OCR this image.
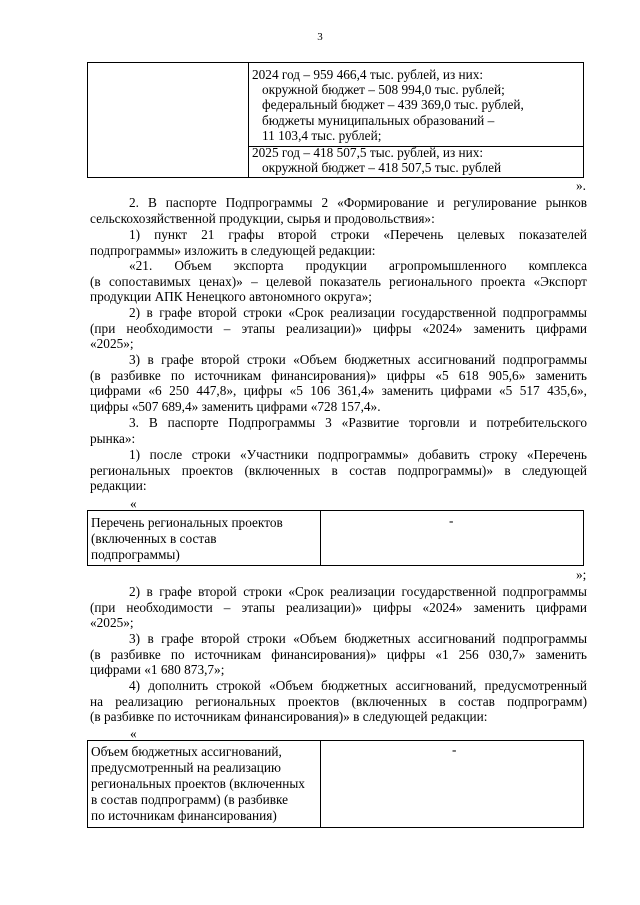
3
2024 год – 959 466,4 тыс. рублей, из них:
окружной бюджет – 508 994,0 тыс. рублей;
федеральный бюджет – 439 369,0 тыс. рублей,
бюджеты муниципальных образований –
11 103,4 тыс. рублей;
2025 год – 418 507,5 тыс. рублей, из них:
окружной бюджет – 418 507,5 тыс. рублей
».
2. В паспорте Подпрограммы 2 «Формирование и регулирование рынков
сельскохозяйственной продукции, сырья и продовольствия»:
1) пункт 21 графы второй строки «Перечень целевых показателей
подпрограммы» изложить в следующей редакции:
«21. Объем экспорта продукции агропромышленного комплекса
(в сопоставимых ценах)» – целевой показатель регионального проекта «Экспорт
продукции АПК Ненецкого автономного округа»;
2) в графе второй строки «Срок реализации государственной подпрограммы
(при необходимости – этапы реализации)» цифры «2024» заменить цифрами
«2025»;
3) в графе второй строки «Объем бюджетных ассигнований подпрограммы
(в разбивке по источникам финансирования)» цифры «5 618 905,6» заменить
цифрами «6 250 447,8», цифры «5 106 361,4» заменить цифрами «5 517 435,6»,
цифры «507 689,4» заменить цифрами «728 157,4».
3. В паспорте Подпрограммы 3 «Развитие торговли и потребительского
рынка»:
1) после строки «Участники подпрограммы» добавить строку «Перечень
региональных проектов (включенных в состав подпрограммы)» в следующей
редакции:
«
Перечень региональных проектов
(включенных в состав
подпрограммы)
-
»;
2) в графе второй строки «Срок реализации государственной подпрограммы
(при необходимости – этапы реализации)» цифры «2024» заменить цифрами
«2025»;
3) в графе второй строки «Объем бюджетных ассигнований подпрограммы
(в разбивке по источникам финансирования)» цифры «1 256 030,7» заменить
цифрами «1 680 873,7»;
4) дополнить строкой «Объем бюджетных ассигнований, предусмотренный
на реализацию региональных проектов (включенных в состав подпрограмм)
(в разбивке по источникам финансирования)» в следующей редакции:
«
Объем бюджетных ассигнований,
предусмотренный на реализацию
региональных проектов (включенных
в состав подпрограмм) (в разбивке
по источникам финансирования)
-
